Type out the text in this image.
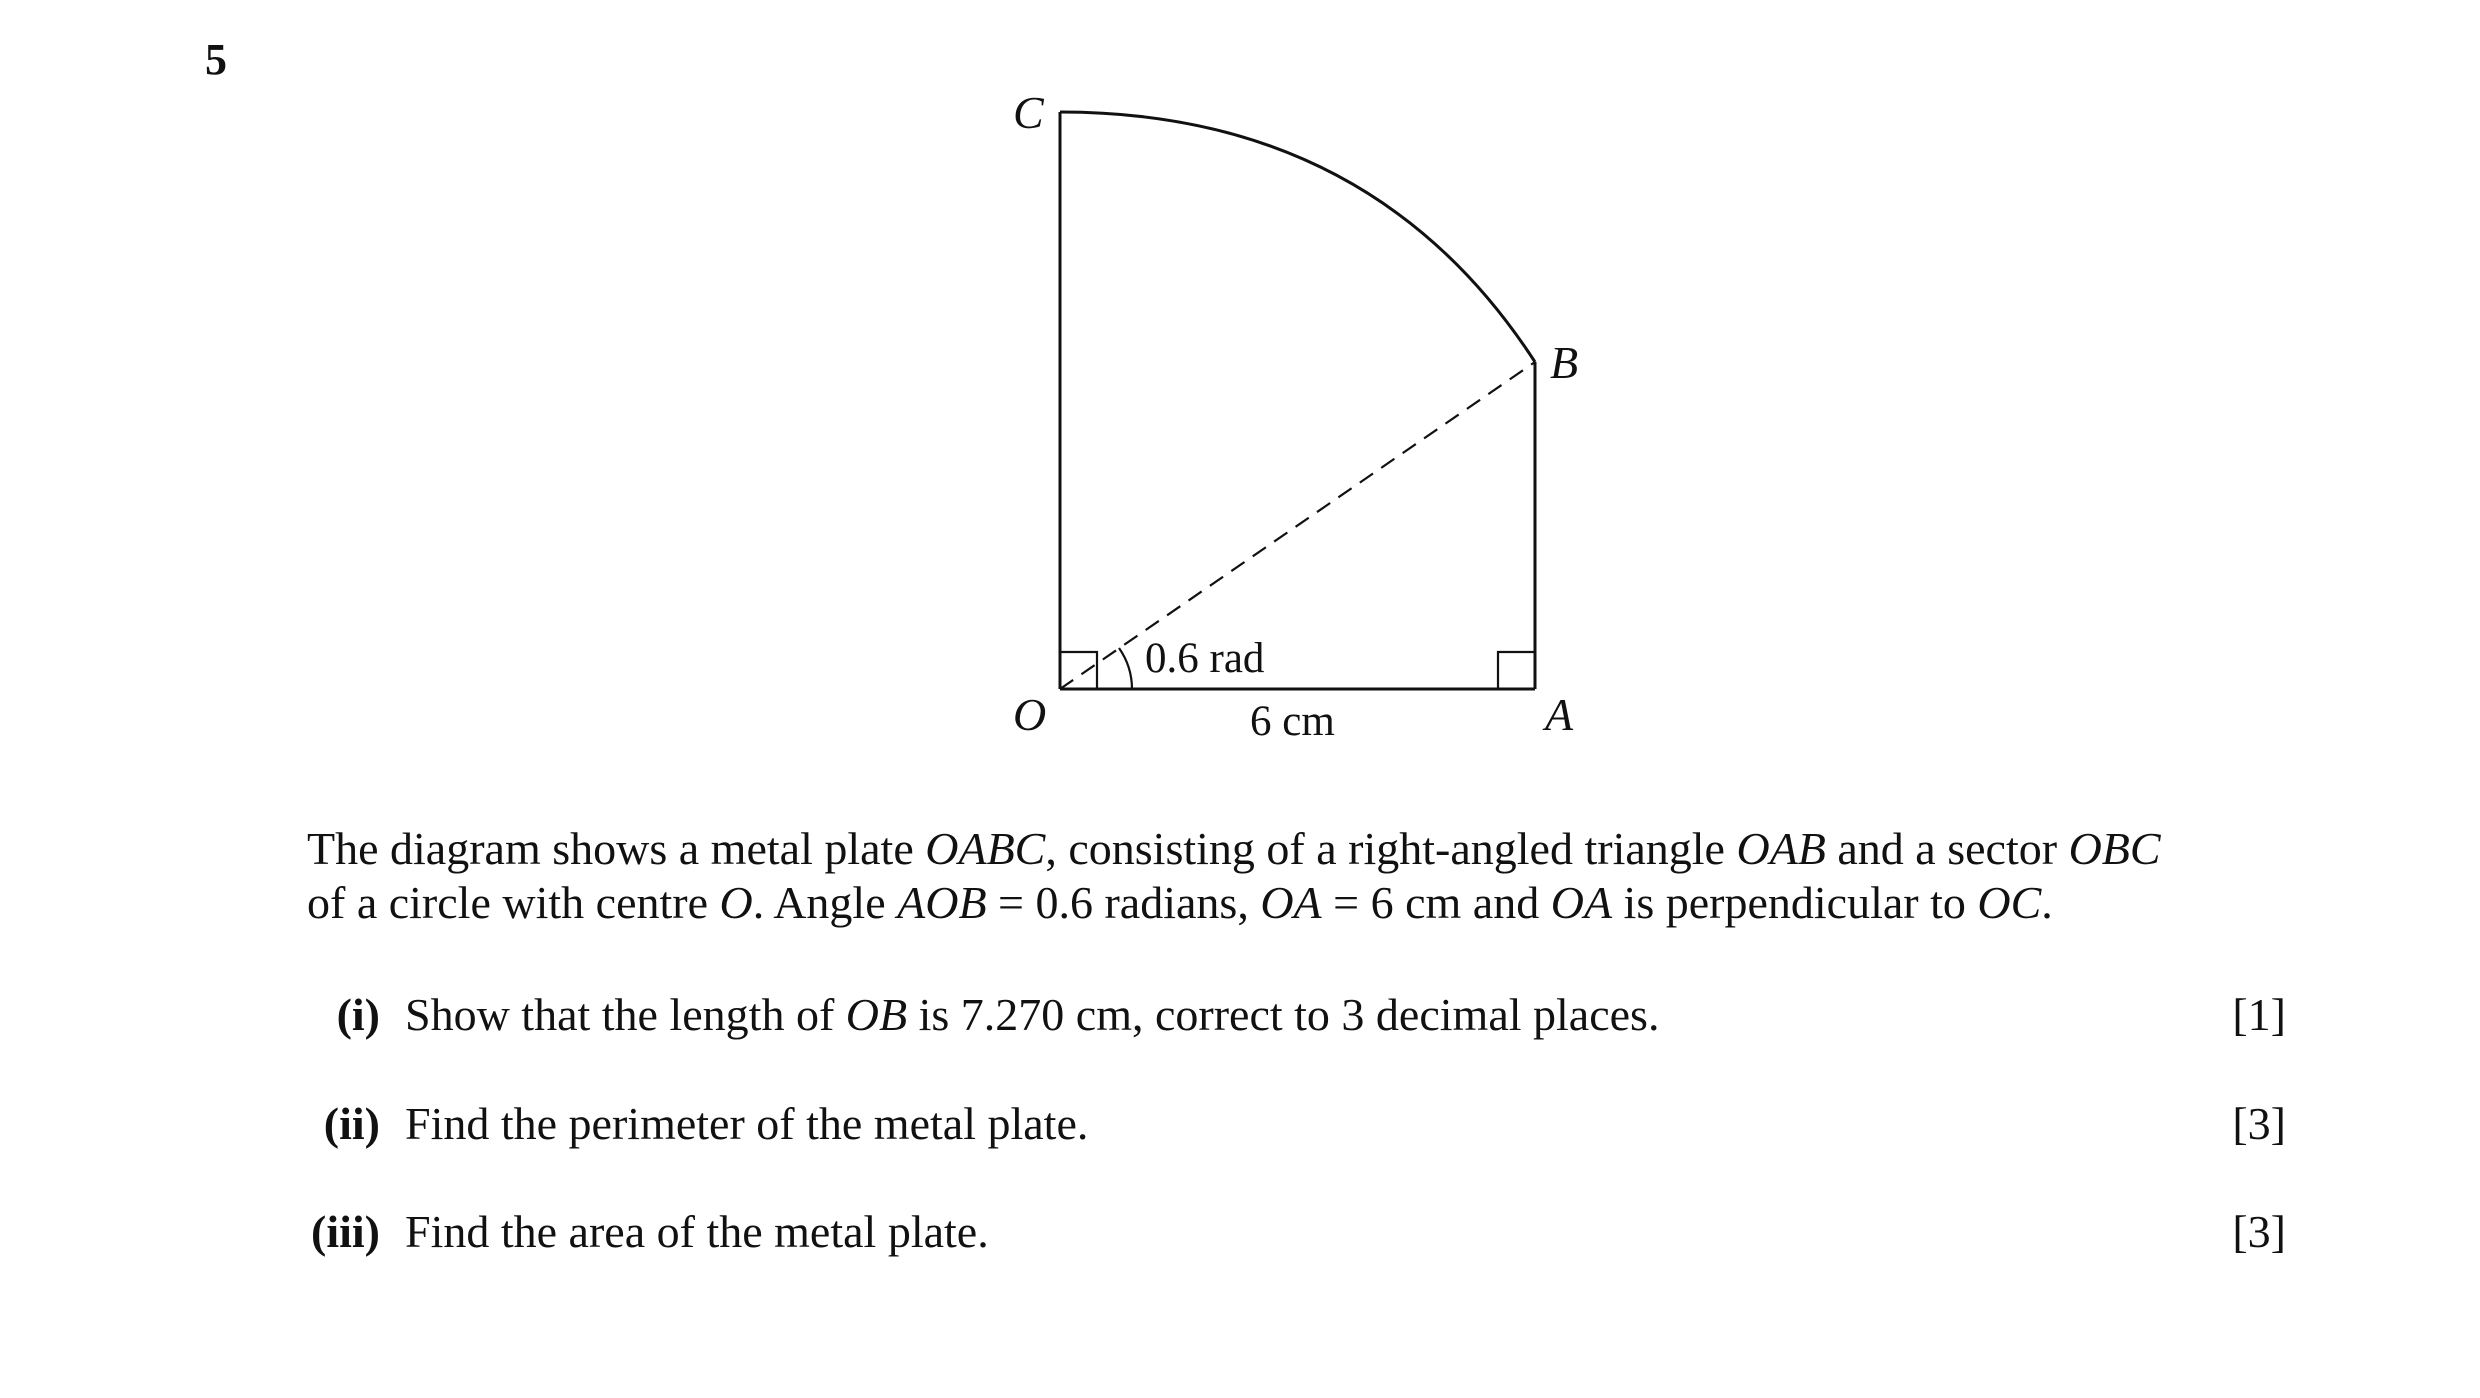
5
C
B
O	A
0.6 rad
6 cm

The diagram shows a metal plate OABC, consisting of a right-angled triangle OAB and a sector OBC

of a circle with centre O. Angle AOB = 0.6 radians, OA = 6 cm and OA is perpendicular to OC.

(i) Show that the length of OB is 7.270 cm, correct to 3 decimal places.	[1]
(ii) Find the perimeter of the metal plate.	[3]
(iii) Find the area of the metal plate.	[3]
